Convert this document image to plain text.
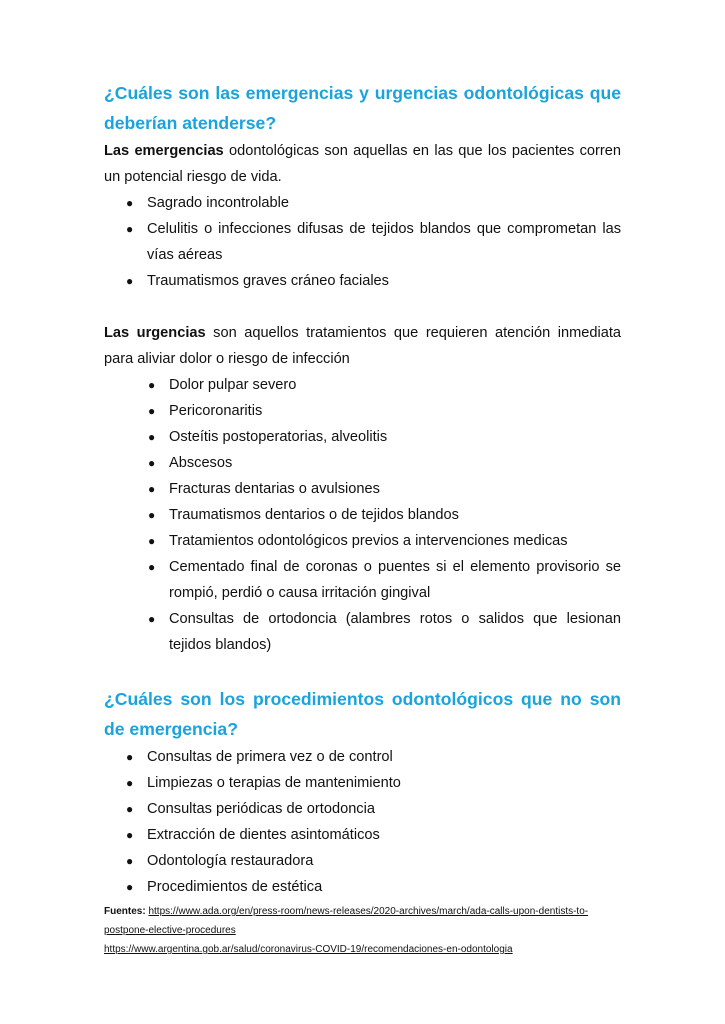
¿Cuáles son las emergencias y urgencias odontológicas que deberían atenderse?

Las emergencias odontológicas son aquellas en las que los pacientes corren un potencial riesgo de vida.

● Sagrado incontrolable
● Celulitis o infecciones difusas de tejidos blandos que comprometan las vías aéreas
● Traumatismos graves cráneo faciales

Las urgencias son aquellos tratamientos que requieren atención inmediata para aliviar dolor o riesgo de infección

● Dolor pulpar severo
● Pericoronaritis
● Osteítis postoperatorias, alveolitis
● Abscesos
● Fracturas dentarias o avulsiones
● Traumatismos dentarios o de tejidos blandos
● Tratamientos odontológicos previos a intervenciones medicas
● Cementado final de coronas o puentes si el elemento provisorio se rompió, perdió o causa irritación gingival
● Consultas de ortodoncia (alambres rotos o salidos que lesionan tejidos blandos)
¿Cuáles son los procedimientos odontológicos que no son de emergencia?
● Consultas de primera vez o de control
● Limpiezas o terapias de mantenimiento
● Consultas periódicas de ortodoncia
● Extracción de dientes asintomáticos
● Odontología restauradora
● Procedimientos de estética
Fuentes: https://www.ada.org/en/press-room/news-releases/2020-archives/march/ada-calls-upon-dentists-to-postpone-elective-procedures
https://www.argentina.gob.ar/salud/coronavirus-COVID-19/recomendaciones-en-odontologia
